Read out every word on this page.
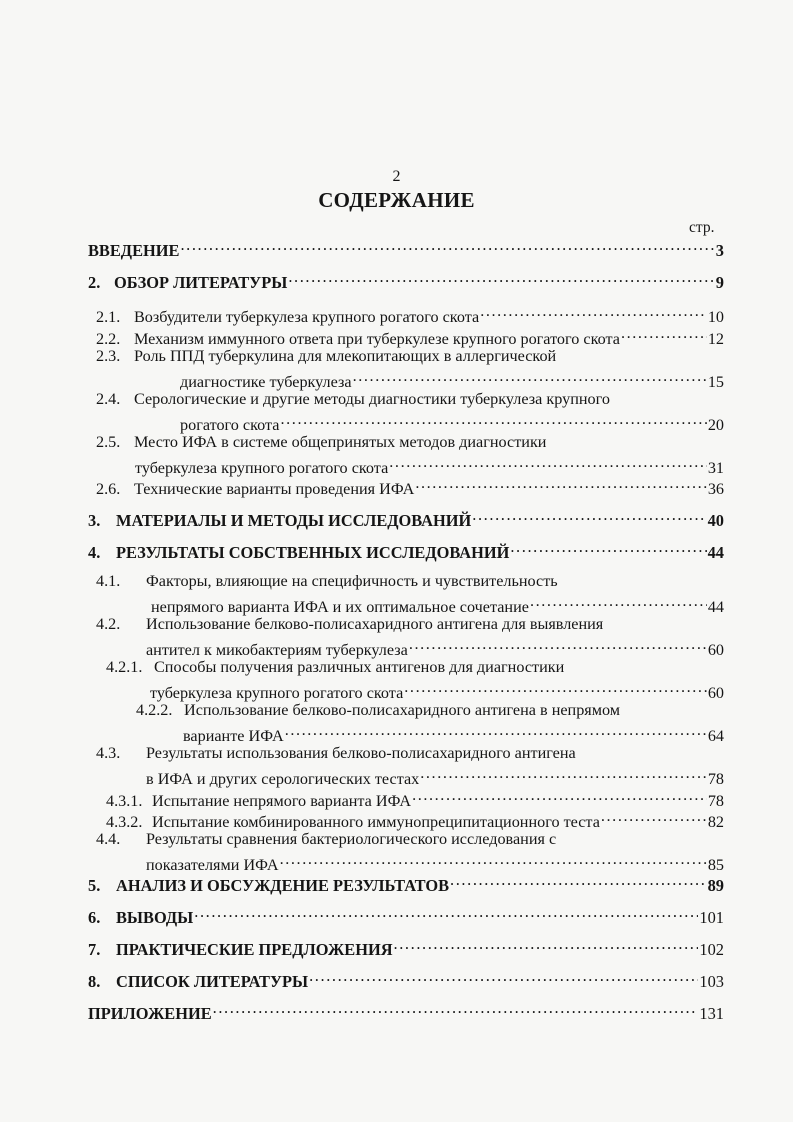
2
СОДЕРЖАНИЕ
стр.
ВВЕДЕНИЕ .....	3
2. ОБЗОР ЛИТЕРАТУРЫ .....	9
2.1. Возбудители туберкулеза крупного рогатого скота .....	10
2.2. Механизм иммунного ответа при туберкулезе крупного рогатого скота .....	12
2.3. Роль ППД туберкулина для млекопитающих в аллергической
диагностике туберкулеза .....	15
2.4. Серологические и другие методы диагностики туберкулеза крупного
рогатого скота .....	20
2.5. Место ИФА в системе общепринятых методов диагностики
туберкулеза крупного рогатого скота .....	31
2.6. Технические варианты проведения ИФА .....	36
3. МАТЕРИАЛЫ И МЕТОДЫ ИССЛЕДОВАНИЙ .....	40
4. РЕЗУЛЬТАТЫ СОБСТВЕННЫХ ИССЛЕДОВАНИЙ .....	44
4.1.	Факторы, влияющие на специфичность и чувствительность
непрямого варианта ИФА и их оптимальное сочетание .....	44
4.2.	Использование белково-полисахаридного антигена для выявления
антител к микобактериям туберкулеза .....	60
4.2.1. Способы получения различных антигенов для диагностики
туберкулеза крупного рогатого скота .....	60
4.2.2. Использование белково-полисахаридного антигена в непрямом
варианте ИФА .....	64
4.3.	Результаты использования белково-полисахаридного антигена
в ИФА и других серологических тестах .....	78
4.3.1. Испытание непрямого варианта ИФА .....	78
4.3.2. Испытание комбинированного иммунопреципитационного теста .....	82
4.4.	Результаты сравнения бактериологического исследования с
показателями ИФА .....	85
5. АНАЛИЗ И ОБСУЖДЕНИЕ РЕЗУЛЬТАТОВ .....	89
6. ВЫВОДЫ .....	101
7. ПРАКТИЧЕСКИЕ ПРЕДЛОЖЕНИЯ .....	102
8. СПИСОК ЛИТЕРАТУРЫ .....	103
ПРИЛОЖЕНИЕ .....	131
